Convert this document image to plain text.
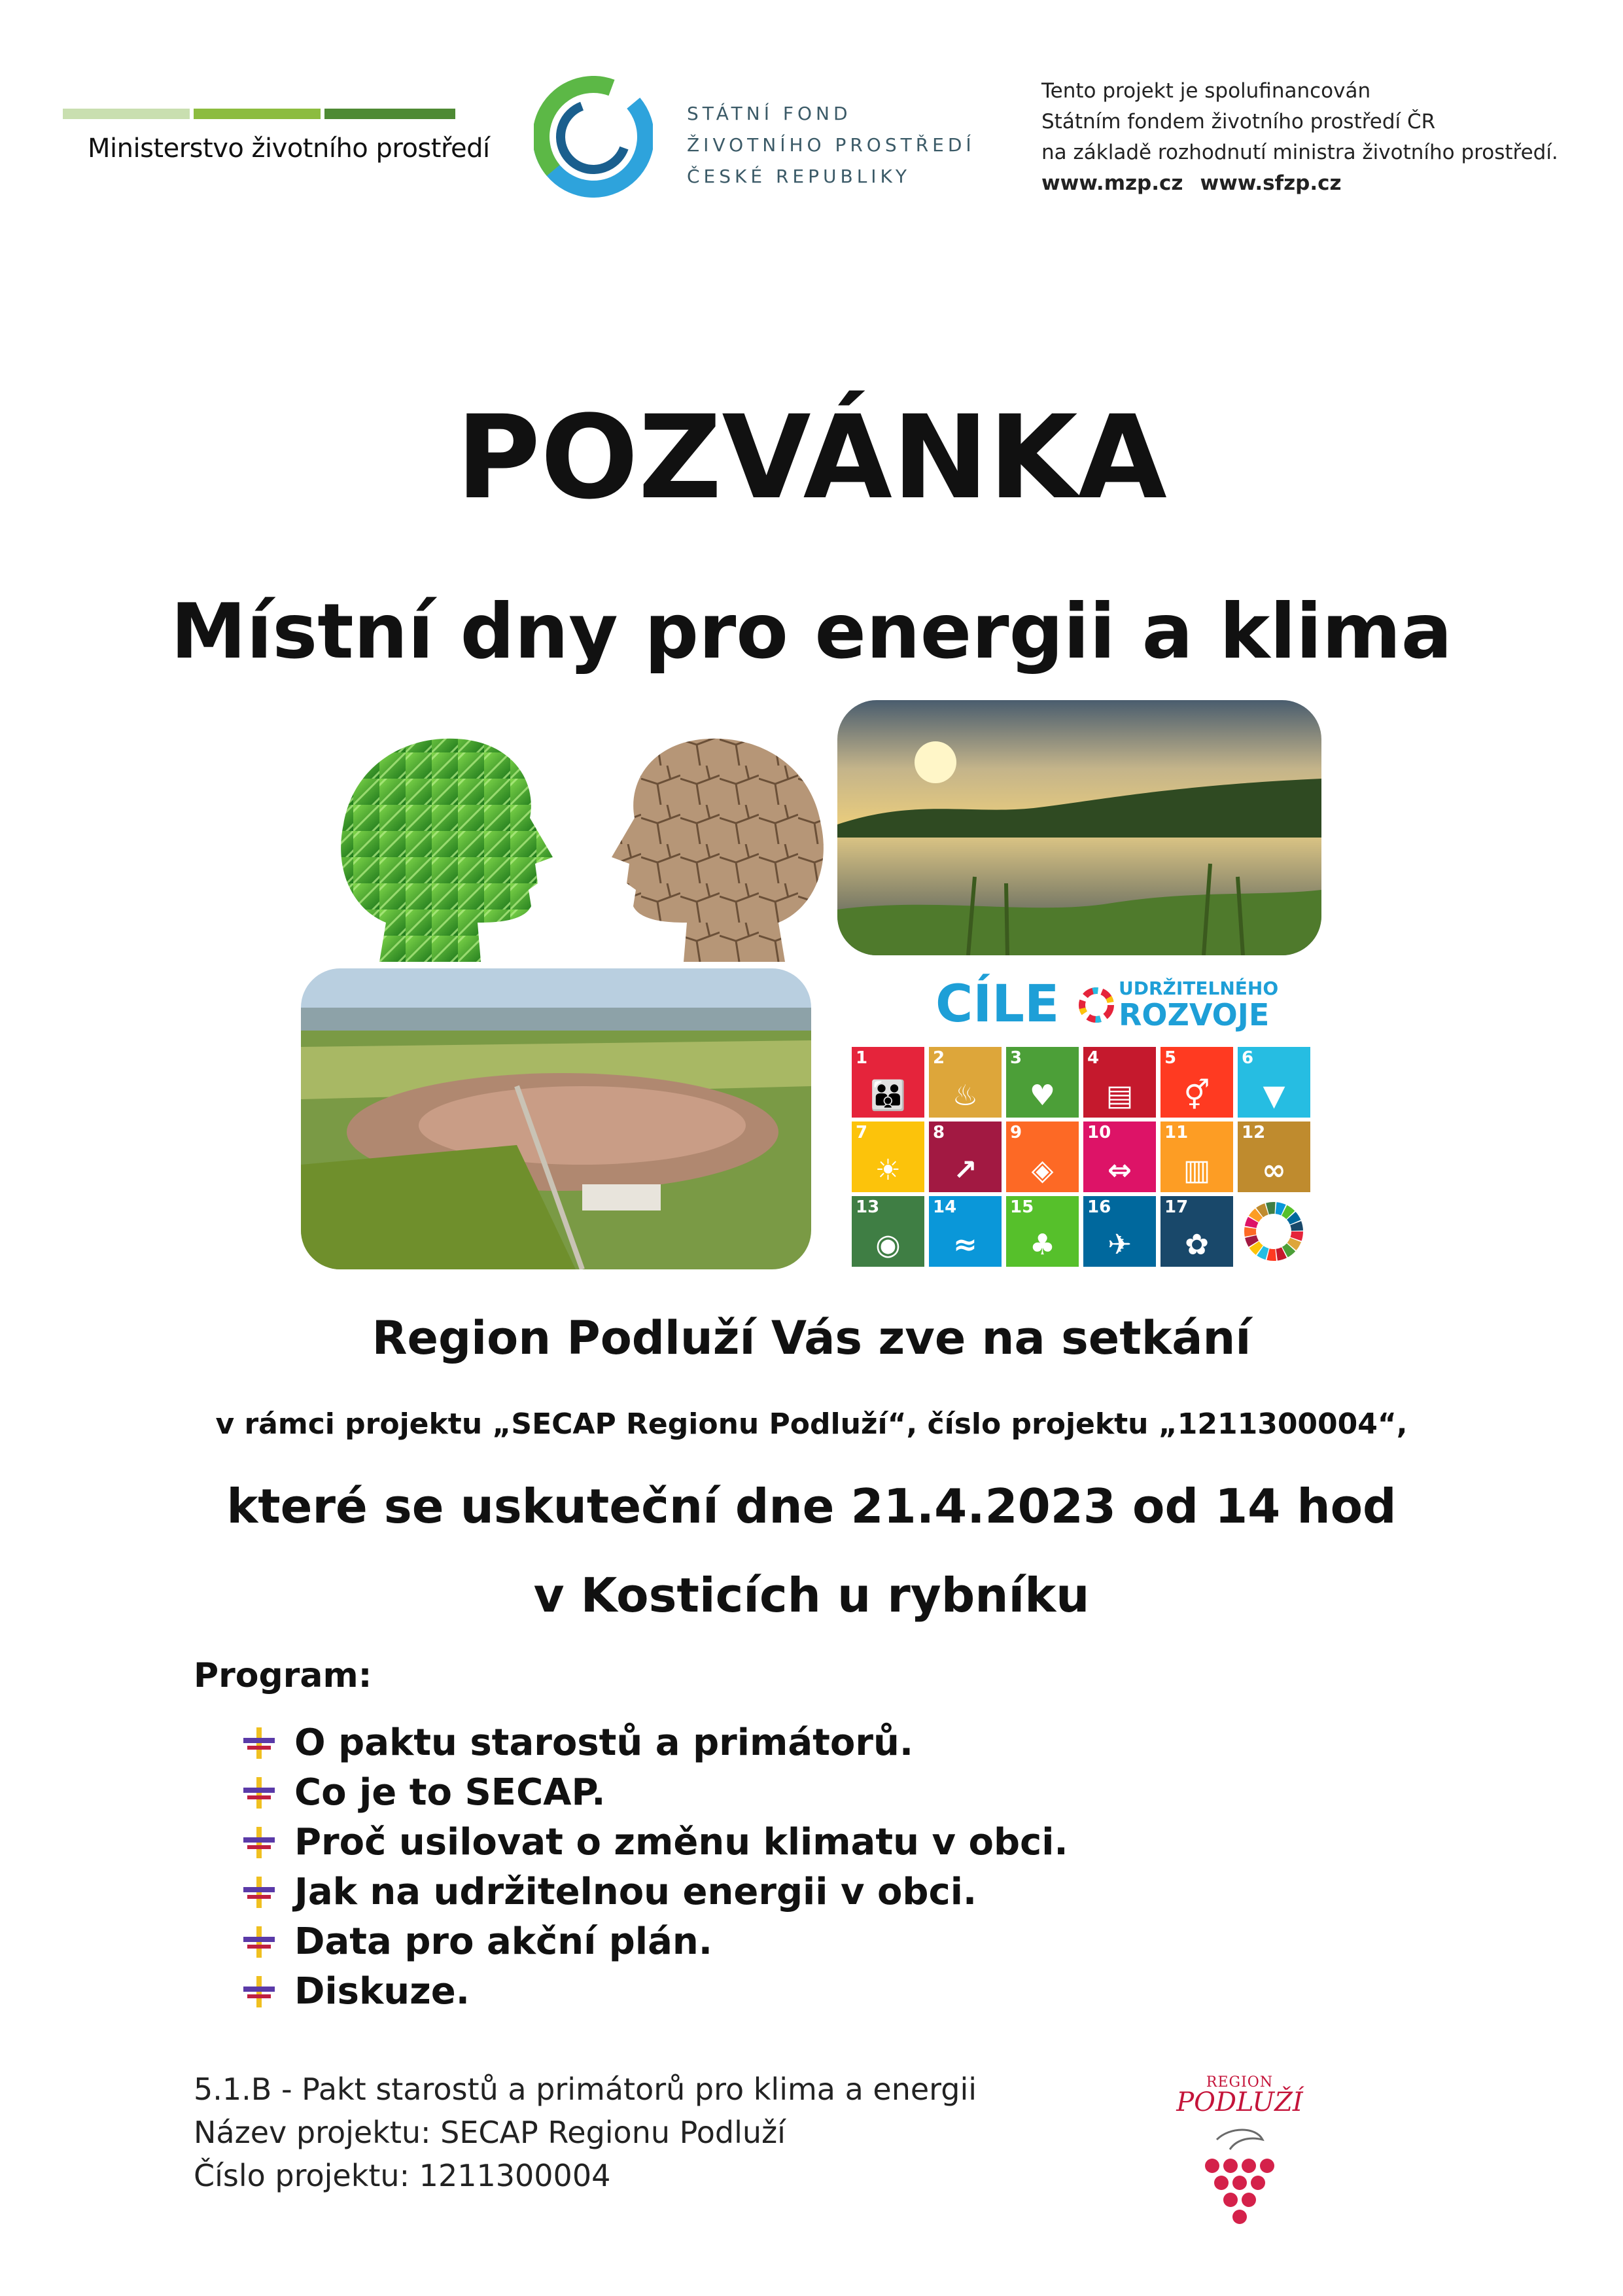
Ministerstvo životního prostředí
STÁTNÍ FOND
ŽIVOTNÍHO PROSTŘEDÍ
ČESKÉ REPUBLIKY
Tento projekt je spolufinancován
Státním fondem životního prostředí ČR
na základě rozhodnutí ministra životního prostředí.
www.mzp.cz www.sfzp.cz
POZVÁNKA
Místní dny pro energii a klima
CÍLE	UDRŽITELNÉHO
ROZVOJE
1
👪
2
♨
3
♥
4
▤
5
⚥
6
▼
7
☀
8
↗
9
◈
10
⇔
11
▥
12
∞
13
◉
14
≈
15
♣
16
✈
17
✿
Region Podluží Vás zve na setkání
v rámci projektu „SECAP Regionu Podluží“, číslo projektu „1211300004“,
které se uskuteční dne 21.4.2023 od 14 hod
v Kosticích u rybníku
Program:
O paktu starostů a primátorů.
Co je to SECAP.
Proč usilovat o změnu klimatu v obci.
Jak na udržitelnou energii v obci.
Data pro akční plán.
Diskuze.
5.1.B - Pakt starostů a primátorů pro klima a energii
Název projektu: SECAP Regionu Podluží
Číslo projektu: 1211300004
REGION
PODLUŽÍ
